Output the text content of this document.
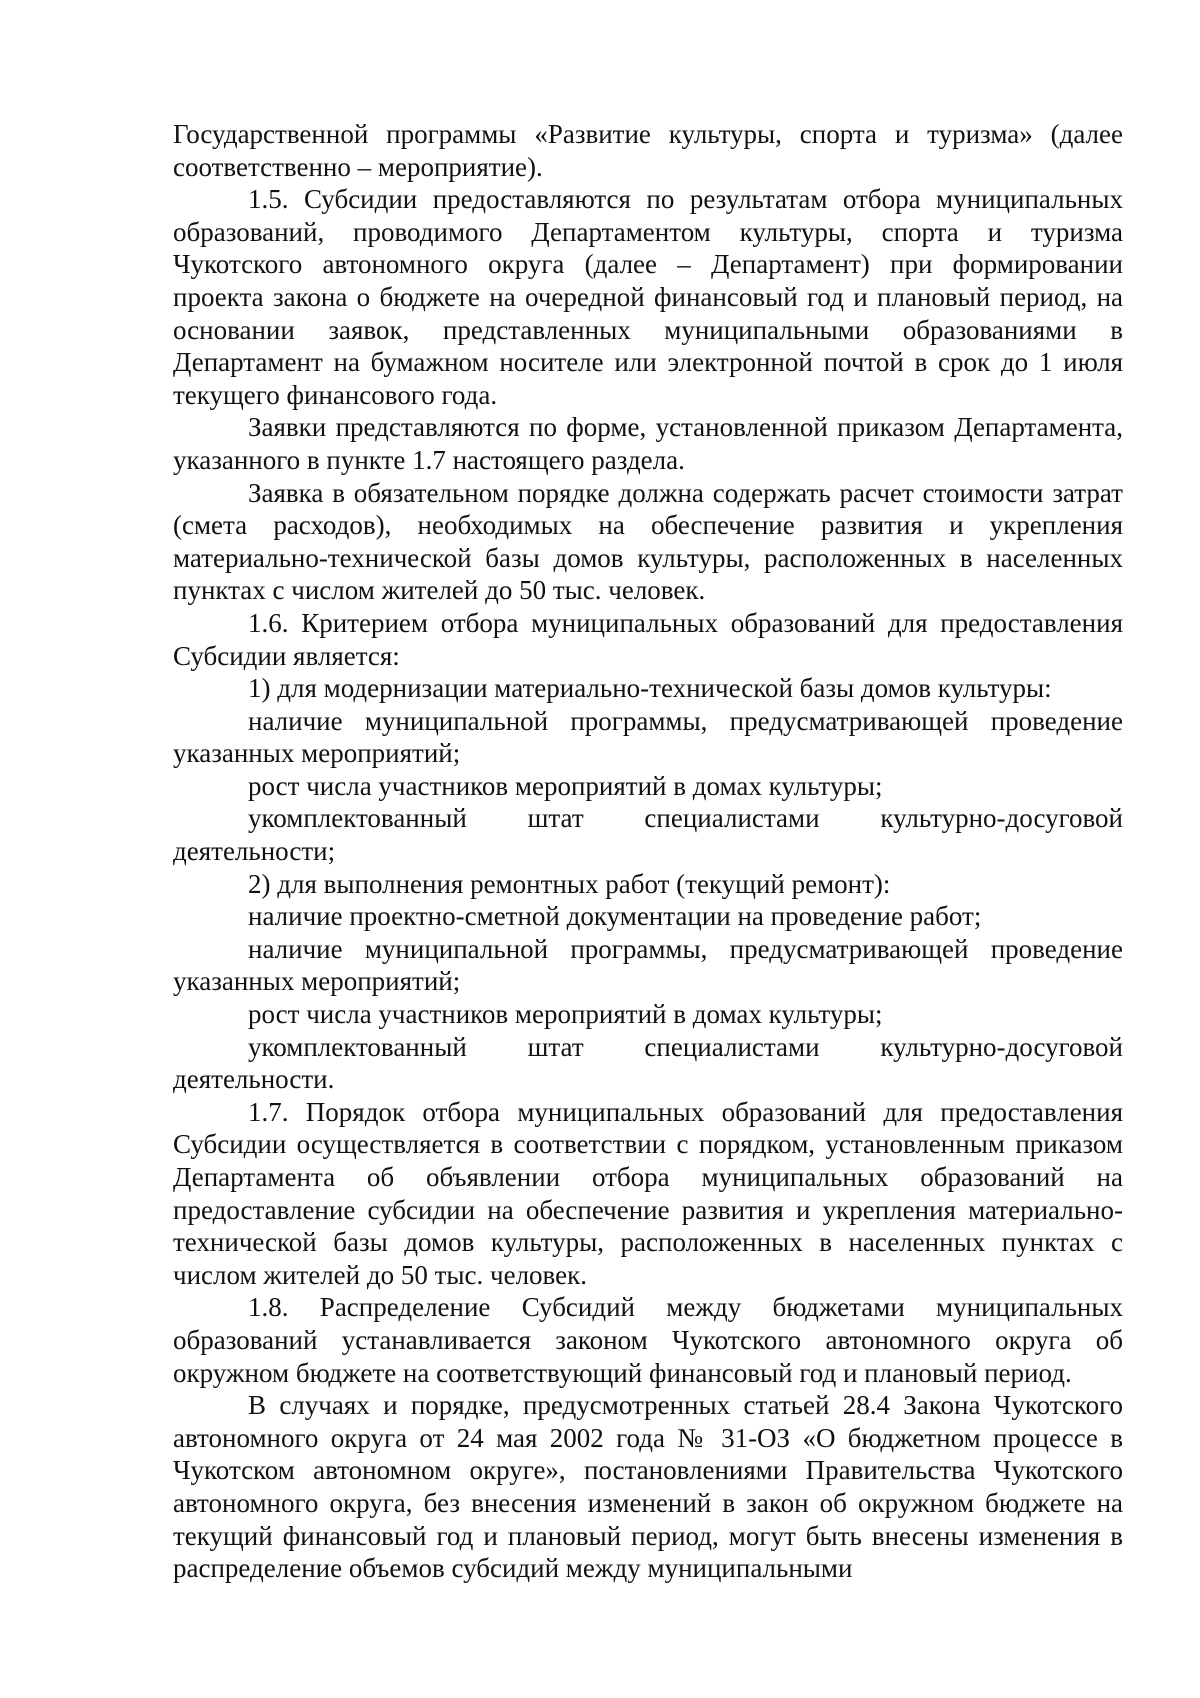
Государственной программы «Развитие культуры, спорта и туризма» (далее соответственно – мероприятие).

1.5. Субсидии предоставляются по результатам отбора муниципальных образований, проводимого Департаментом культуры, спорта и туризма Чукотского автономного округа (далее – Департамент) при формировании проекта закона о бюджете на очередной финансовый год и плановый период, на основании заявок, представленных муниципальными образованиями в Департамент на бумажном носителе или электронной почтой в срок до 1 июля текущего финансового года.

Заявки представляются по форме, установленной приказом Департамента, указанного в пункте 1.7 настоящего раздела.

Заявка в обязательном порядке должна содержать расчет стоимости затрат (смета расходов), необходимых на обеспечение развития и укрепления материально-технической базы домов культуры, расположенных в населенных пунктах с числом жителей до 50 тыс. человек.

1.6. Критерием отбора муниципальных образований для предоставления Субсидии является:

1) для модернизации материально-технической базы домов культуры:

наличие муниципальной программы, предусматривающей проведение указанных мероприятий;

рост числа участников мероприятий в домах культуры;

укомплектованный штат специалистами культурно-досуговой деятельности;

2) для выполнения ремонтных работ (текущий ремонт):

наличие проектно-сметной документации на проведение работ;

наличие муниципальной программы, предусматривающей проведение указанных мероприятий;

рост числа участников мероприятий в домах культуры;

укомплектованный штат специалистами культурно-досуговой деятельности.

1.7. Порядок отбора муниципальных образований для предоставления Субсидии осуществляется в соответствии с порядком, установленным приказом Департамента об объявлении отбора муниципальных образований на предоставление субсидии на обеспечение развития и укрепления материально-технической базы домов культуры, расположенных в населенных пунктах с числом жителей до 50 тыс. человек.

1.8. Распределение Субсидий между бюджетами муниципальных образований устанавливается законом Чукотского автономного округа об окружном бюджете на соответствующий финансовый год и плановый период.

В случаях и порядке, предусмотренных статьей 28.4 Закона Чукотского автономного округа от 24 мая 2002 года № 31-ОЗ «О бюджетном процессе в Чукотском автономном округе», постановлениями Правительства Чукотского автономного округа, без внесения изменений в закон об окружном бюджете на текущий финансовый год и плановый период, могут быть внесены изменения в распределение объемов субсидий между муниципальными
